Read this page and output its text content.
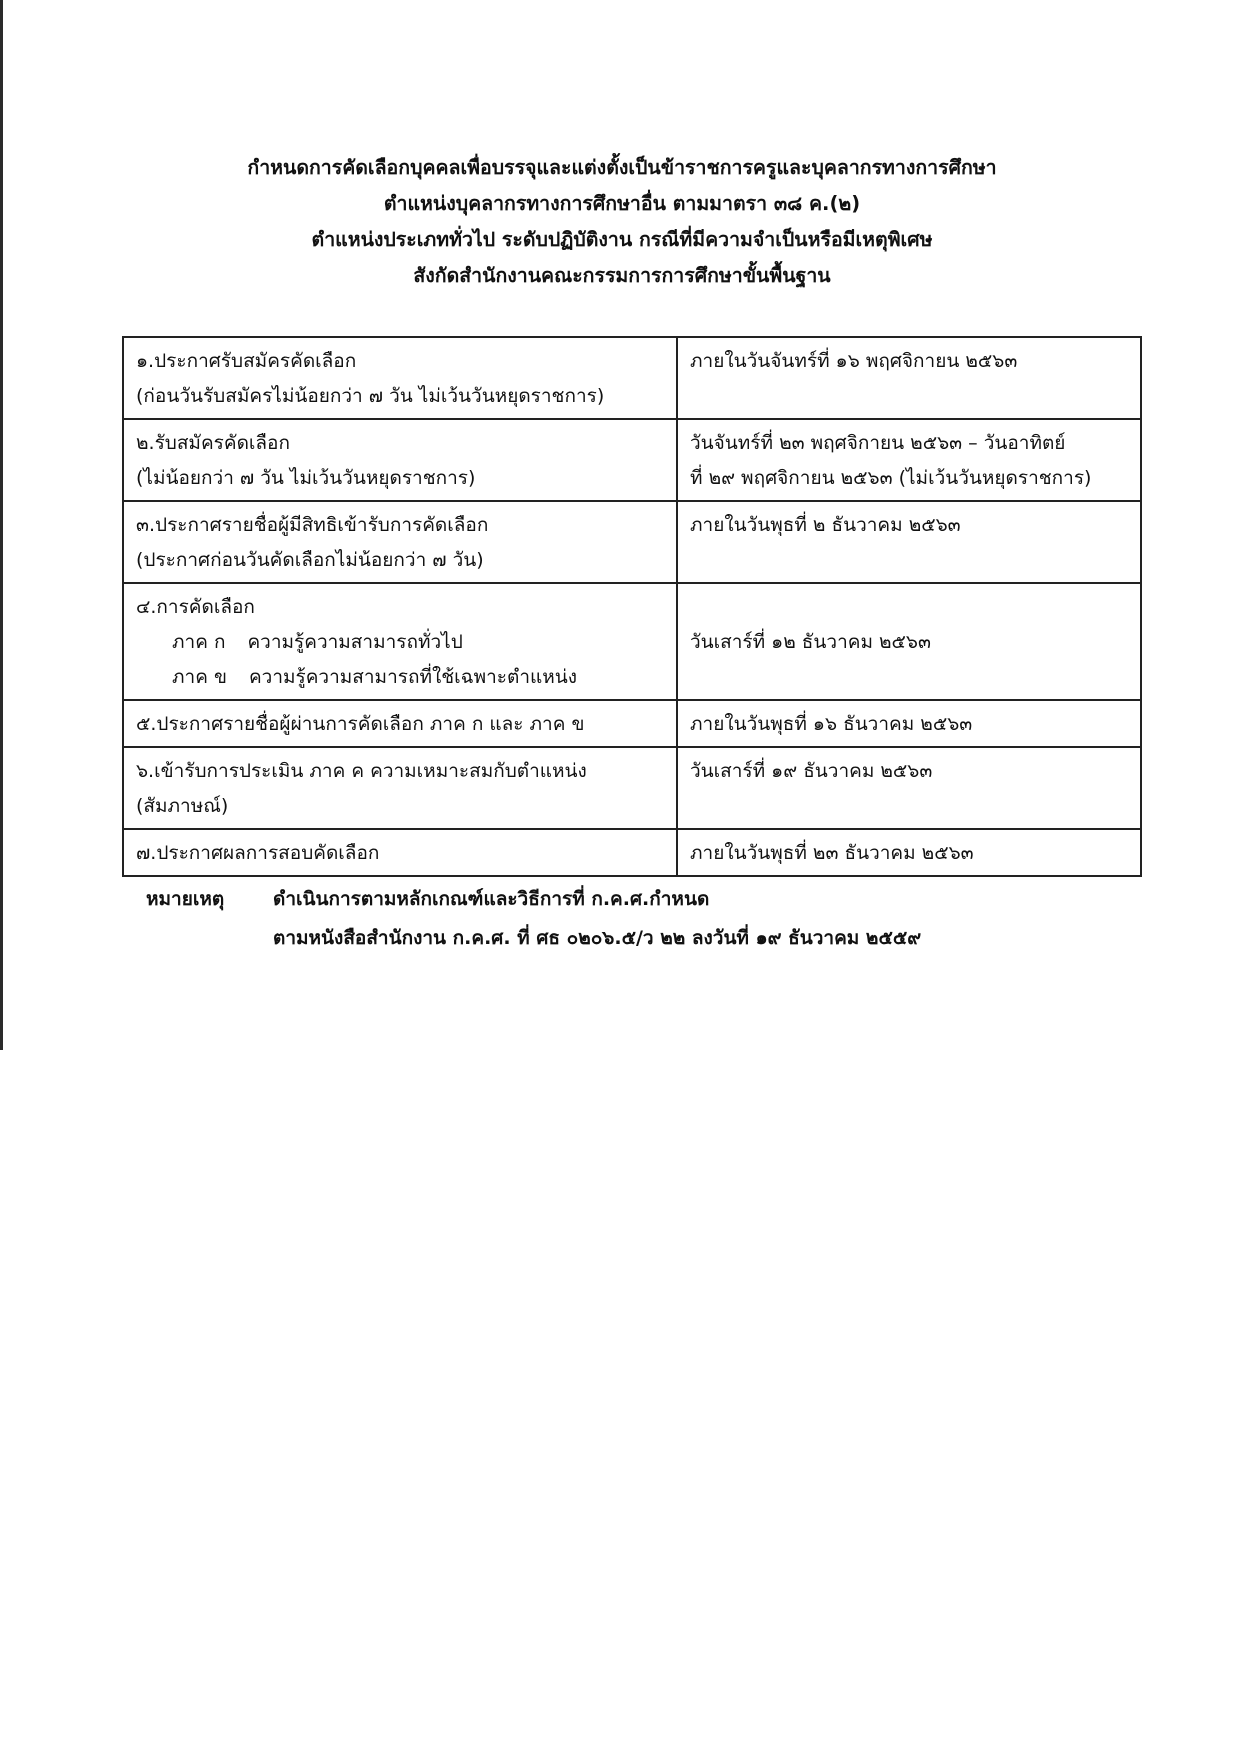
กำหนดการคัดเลือกบุคคลเพื่อบรรจุและแต่งตั้งเป็นข้าราชการครูและบุคลากรทางการศึกษา
ตำแหน่งบุคลากรทางการศึกษาอื่น ตามมาตรา ๓๘ ค.(๒)
ตำแหน่งประเภททั่วไป ระดับปฏิบัติงาน กรณีที่มีความจำเป็นหรือมีเหตุพิเศษ
สังกัดสำนักงานคณะกรรมการการศึกษาขั้นพื้นฐาน
๑.ประกาศรับสมัครคัดเลือก
(ก่อนวันรับสมัครไม่น้อยกว่า ๗ วัน ไม่เว้นวันหยุดราชการ)	ภายในวันจันทร์ที่ ๑๖ พฤศจิกายน ๒๕๖๓

๒.รับสมัครคัดเลือก
(ไม่น้อยกว่า ๗ วัน ไม่เว้นวันหยุดราชการ)	วันจันทร์ที่ ๒๓ พฤศจิกายน ๒๕๖๓ – วันอาทิตย์
ที่ ๒๙ พฤศจิกายน ๒๕๖๓ (ไม่เว้นวันหยุดราชการ)

๓.ประกาศรายชื่อผู้มีสิทธิเข้ารับการคัดเลือก
(ประกาศก่อนวันคัดเลือกไม่น้อยกว่า ๗ วัน)	ภายในวันพุธที่ ๒ ธันวาคม ๒๕๖๓

๔.การคัดเลือก
ภาค ก ความรู้ความสามารถทั่วไป
ภาค ข ความรู้ความสามารถที่ใช้เฉพาะตำแหน่ง	วันเสาร์ที่ ๑๒ ธันวาคม ๒๕๖๓

๕.ประกาศรายชื่อผู้ผ่านการคัดเลือก ภาค ก และ ภาค ข	ภายในวันพุธที่ ๑๖ ธันวาคม ๒๕๖๓

๖.เข้ารับการประเมิน ภาค ค ความเหมาะสมกับตำแหน่ง
(สัมภาษณ์)	วันเสาร์ที่ ๑๙ ธันวาคม ๒๕๖๓

๗.ประกาศผลการสอบคัดเลือก	ภายในวันพุธที่ ๒๓ ธันวาคม ๒๕๖๓
หมายเหตุ	ดำเนินการตามหลักเกณฑ์และวิธีการที่ ก.ค.ศ.กำหนด
ตามหนังสือสำนักงาน ก.ค.ศ. ที่ ศธ ๐๒๐๖.๕/ว ๒๒ ลงวันที่ ๑๙ ธันวาคม ๒๕๕๙
